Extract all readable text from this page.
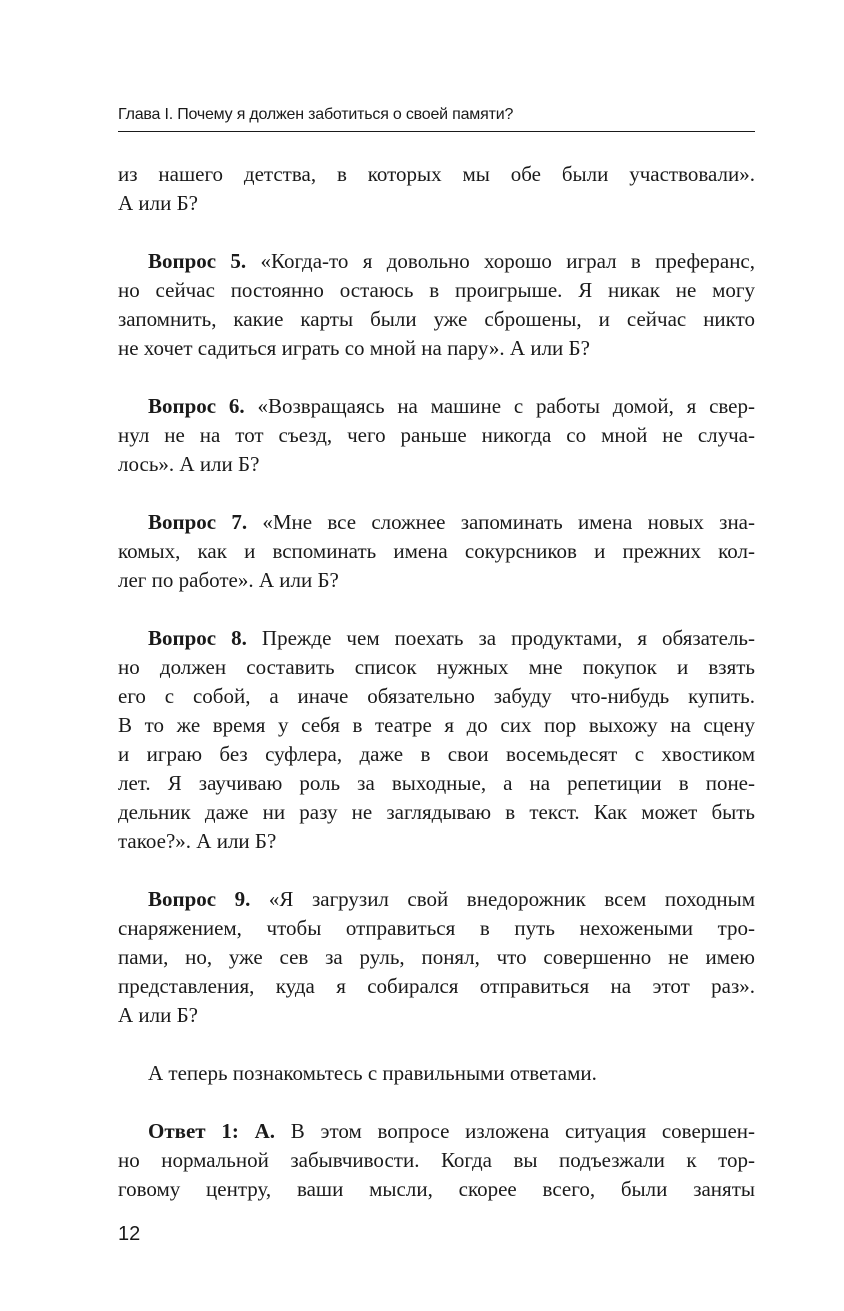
Глава I. Почему я должен заботиться о своей памяти?
из нашего детства, в которых мы обе были участвовали».
А или Б?
Вопрос 5. «Когда-то я довольно хорошо играл в преферанс,
но сейчас постоянно остаюсь в проигрыше. Я никак не могу
запомнить, какие карты были уже сброшены, и сейчас никто
не хочет садиться играть со мной на пару». А или Б?
Вопрос 6. «Возвращаясь на машине с работы домой, я свер-
нул не на тот съезд, чего раньше никогда со мной не случа-
лось». А или Б?
Вопрос 7. «Мне все сложнее запоминать имена новых зна-
комых, как и вспоминать имена сокурсников и прежних кол-
лег по работе». А или Б?
Вопрос 8. Прежде чем поехать за продуктами, я обязатель-
но должен составить список нужных мне покупок и взять
его с собой, а иначе обязательно забуду что-нибудь купить.
В то же время у себя в театре я до сих пор выхожу на сцену
и играю без суфлера, даже в свои восемьдесят с хвостиком
лет. Я заучиваю роль за выходные, а на репетиции в поне-
дельник даже ни разу не заглядываю в текст. Как может быть
такое?». А или Б?
Вопрос 9. «Я загрузил свой внедорожник всем походным
снаряжением, чтобы отправиться в путь нехожеными тро-
пами, но, уже сев за руль, понял, что совершенно не имею
представления, куда я собирался отправиться на этот раз».
А или Б?
А теперь познакомьтесь с правильными ответами.
Ответ 1: А. В этом вопросе изложена ситуация совершен-
но нормальной забывчивости. Когда вы подъезжали к тор-
говому центру, ваши мысли, скорее всего, были заняты
12
